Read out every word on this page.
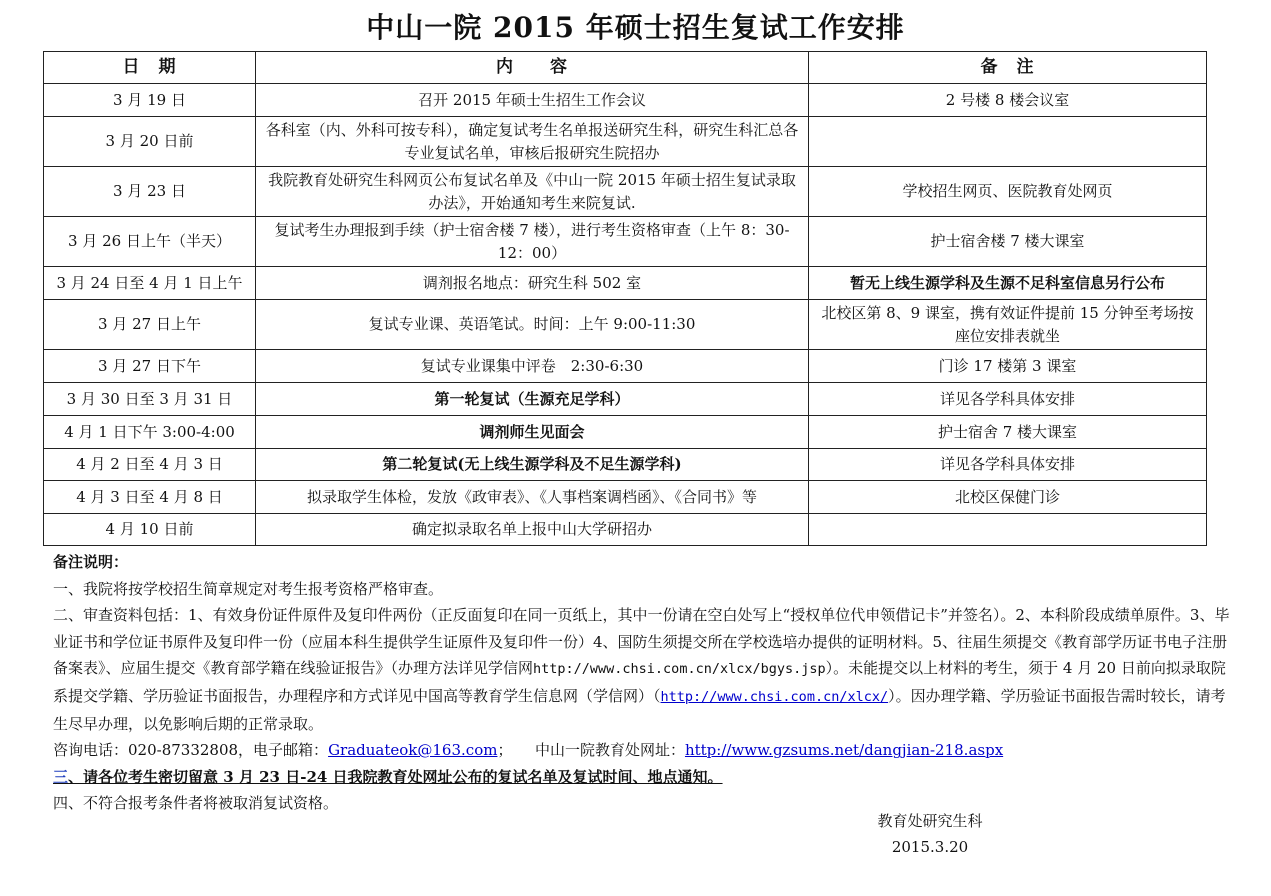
中山一院 2015 年硕士招生复试工作安排
日　期	内　　容	备　注
3 月 19 日	召开 2015 年硕士生招生工作会议	2 号楼 8 楼会议室
3 月 20 日前	各科室（内、外科可按专科），确定复试考生名单报送研究生科，研究生科汇总各专业复试名单，审核后报研究生院招办	
3 月 23 日	我院教育处研究生科网页公布复试名单及《中山一院 2015 年硕士招生复试录取办法》，开始通知考生来院复试.	学校招生网页、医院教育处网页
3 月 26 日上午（半天）	复试考生办理报到手续（护士宿舍楼 7 楼），进行考生资格审查（上午 8：30-12：00）	护士宿舍楼 7 楼大课室
3 月 24 日至 4 月 1 日上午	调剂报名地点：研究生科 502 室	暂无上线生源学科及生源不足科室信息另行公布
3 月 27 日上午	复试专业课、英语笔试。时间：上午 9:00-11:30	北校区第 8、9 课室，携有效证件提前 15 分钟至考场按座位安排表就坐
3 月 27 日下午	复试专业课集中评卷　2:30-6:30	门诊 17 楼第 3 课室
3 月 30 日至 3 月 31 日	第一轮复试（生源充足学科）	详见各学科具体安排
4 月 1 日下午 3:00-4:00	调剂师生见面会	护士宿舍 7 楼大课室
4 月 2 日至 4 月 3 日	第二轮复试(无上线生源学科及不足生源学科)	详见各学科具体安排
4 月 3 日至 4 月 8 日	拟录取学生体检，发放《政审表》、《人事档案调档函》、《合同书》等	北校区保健门诊
4 月 10 日前	确定拟录取名单上报中山大学研招办	

备注说明：

一、我院将按学校招生简章规定对考生报考资格严格审查。

二、审查资料包括：1、有效身份证件原件及复印件两份（正反面复印在同一页纸上，其中一份请在空白处写上“授权单位代申领借记卡”并签名）。2、本科阶段成绩单原件。3、毕业证书和学位证书原件及复印件一份（应届本科生提供学生证原件及复印件一份）4、国防生须提交所在学校选培办提供的证明材料。5、往届生须提交《教育部学历证书电子注册备案表》、应届生提交《教育部学籍在线验证报告》（办理方法详见学信网http://www.chsi.com.cn/xlcx/bgys.jsp）。未能提交以上材料的考生，须于 4 月 20 日前向拟录取院系提交学籍、学历验证书面报告，办理程序和方式详见中国高等教育学生信息网（学信网）（http://www.chsi.com.cn/xlcx/）。因办理学籍、学历验证书面报告需时较长，请考生尽早办理，以免影响后期的正常录取。

咨询电话：020-87332808，电子邮箱：Graduateok@163.com；　　中山一院教育处网址：http://www.gzsums.net/dangjian-218.aspx

三、请各位考生密切留意 3 月 23 日-24 日我院教育处网址公布的复试名单及复试时间、地点通知。

四、不符合报考条件者将被取消复试资格。

教育处研究生科
2015.3.20
